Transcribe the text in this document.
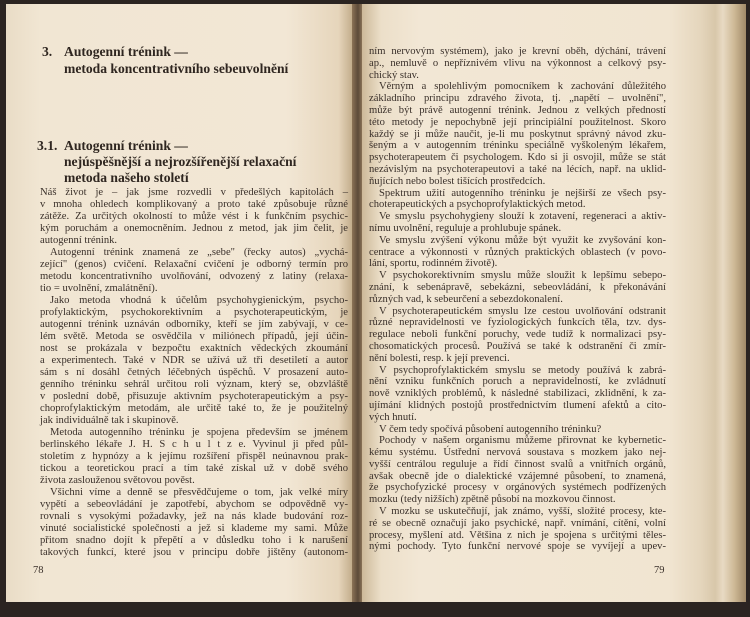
3. Autogenní trénink —
metoda koncentrativního sebeuvolnění
3.1. Autogenní trénink —
nejúspěšnější a nejrozšířenější relaxační
metoda našeho století
Náš život je – jak jsme rozvedli v předešlých kapitolách –
v mnoha ohledech komplikovaný a proto také způsobuje různé
zátěže. Za určitých okolností to může vést i k funkčním psychic-
kým poruchám a onemocněním. Jednou z metod, jak jim čelit, je
autogenní trénink.
Autogenní trénink znamená ze „sebe" (řecky autos) „vychá-
zející" (genos) cvičení. Relaxační cvičení je odborný termín pro
metodu koncentrativního uvolňování, odvozený z latiny (relaxa-
tio = uvolnění, zmalátnění).
Jako metoda vhodná k účelům psychohygienickým, psycho-
profylaktickým, psychokorektivním a psychoterapeutickým, je
autogenní trénink uznáván odborníky, kteří se jím zabývají, v ce-
lém světě. Metoda se osvědčila v miliónech případů, její účin-
nost se prokázala v bezpočtu exaktních vědeckých zkoumání
a experimentech. Také v NDR se užívá už tři desetiletí a autor
sám s ní dosáhl četných léčebných úspěchů. V prosazení auto-
genního tréninku sehrál určitou roli význam, který se, obzvláště
v poslední době, přisuzuje aktivním psychoterapeutickým a psy-
choprofylaktickým metodám, ale určitě také to, že je použitelný
jak individuálně tak i skupinově.
Metoda autogenního tréninku je spojena především se jménem
berlinského lékaře J. H. S c h u l t z e. Vyvinul ji před půl-
stoletím z hypnózy a k jejímu rozšíření přispěl neúnavnou prak-
tickou a teoretickou prací a tím také získal už v době svého
života zaslouženou světovou pověst.
Všichni víme a denně se přesvědčujeme o tom, jak velké míry
vypětí a sebeovládání je zapotřebí, abychom se odpovědně vy-
rovnali s vysokými požadavky, jež na nás klade budování roz-
vinuté socialistické společnosti a jež si klademe my sami. Může
přitom snadno dojít k přepětí a v důsledku toho i k narušení
takových funkcí, které jsou v principu dobře jištěny (autonom-
78
ním nervovým systémem), jako je krevní oběh, dýchání, trávení
ap., nemluvě o nepříznivém vlivu na výkonnost a celkový psy-
chický stav.
Věrným a spolehlivým pomocníkem k zachování důležitého
základního principu zdravého života, tj. „napětí – uvolnění",
může být právě autogenní trénink. Jednou z velkých předností
této metody je nepochybně její principiální použitelnost. Skoro
každý se ji může naučit, je-li mu poskytnut správný návod zku-
šeným a v autogenním tréninku speciálně vyškoleným lékařem,
psychoterapeutem či psychologem. Kdo si ji osvojil, může se stát
nezávislým na psychoterapeutovi a také na lécích, např. na uklid-
ňujících nebo bolest tišících prostředcích.
Spektrum užití autogenního tréninku je nejširší ze všech psy-
choterapeutických a psychoprofylaktických metod.
Ve smyslu psychohygieny slouží k zotavení, regeneraci a aktiv-
nímu uvolnění, reguluje a prohlubuje spánek.
Ve smyslu zvýšení výkonu může být využit ke zvyšování kon-
centrace a výkonnosti v různých praktických oblastech (v povo-
lání, sportu, rodinném životě).
V psychokorektivním smyslu může sloužit k lepšímu sebepo-
znání, k sebenápravě, sebekázni, sebeovládání, k překonávání
různých vad, k sebeurčení a sebezdokonalení.
V psychoterapeutickém smyslu lze cestou uvolňování odstranit
různé nepravidelnosti ve fyziologických funkcích těla, tzv. dys-
regulace neboli funkční poruchy, vede tudíž k normalizaci psy-
chosomatických procesů. Používá se také k odstranění či zmír-
nění bolesti, resp. k její prevenci.
V psychoprofylaktickém smyslu se metody používá k zabrá-
nění vzniku funkčních poruch a nepravidelností, ke zvládnutí
nově vzniklých problémů, k následné stabilizaci, zklidnění, k za-
ujímání klidných postojů prostřednictvím tlumení afektů a cito-
vých hnutí.
V čem tedy spočívá působení autogenního tréninku?
Pochody v našem organismu můžeme přirovnat ke kybernetic-
kému systému. Ústřední nervová soustava s mozkem jako nej-
vyšší centrálou reguluje a řídí činnost svalů a vnitřních orgánů,
avšak obecně jde o dialektické vzájemné působení, to znamená,
že psychofyzické procesy v orgánových systémech podřízených
mozku (tedy nižších) zpětně působí na mozkovou činnost.
V mozku se uskutečňují, jak známo, vyšší, složité procesy, kte-
ré se obecně označují jako psychické, např. vnímání, cítění, volní
procesy, myšlení atd. Většina z nich je spojena s určitými těles-
nými pochody. Tyto funkční nervové spoje se vyvíjejí a upev-
79
